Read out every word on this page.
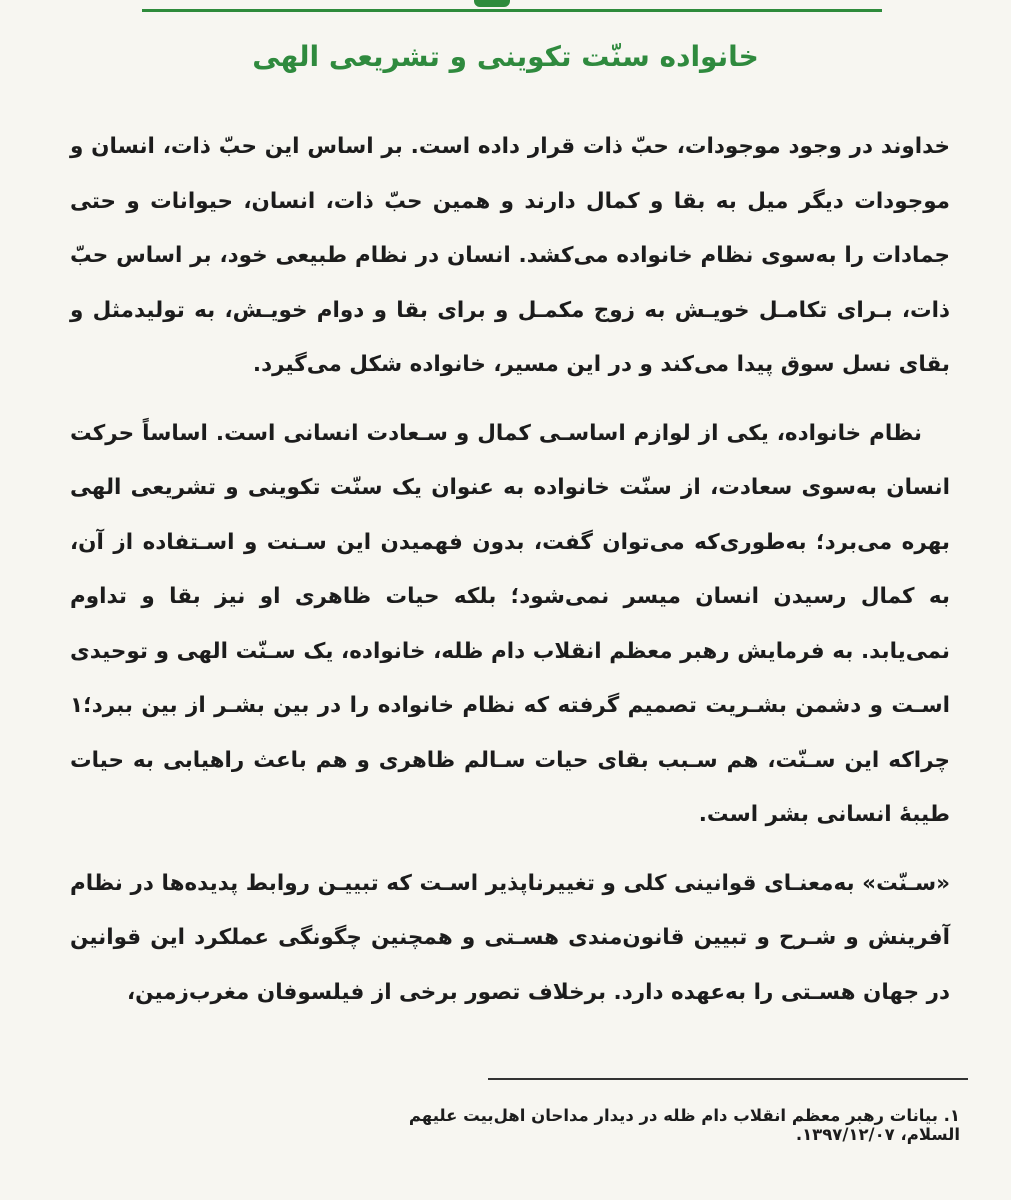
خانواده سنّت تکوینی و تشریعی الهی

خداوند در وجود موجودات، حبّ ذات قرار داده است. بر اساس این حبّ ذات، انسان و موجودات دیگر میل به بقا و کمال دارند و همین حبّ ذات، انسان، حیوانات و حتی جمادات را به‌سوی نظام خانواده می‌کشد. انسان در نظام طبیعی خود، بر اساس حبّ ذات، بـرای تکامـل خویـش به زوج مکمـل و برای بقا و دوام خویـش، به تولیدمثل و بقای نسل سوق پیدا می‌کند و در این مسیر، خانواده شکل می‌گیرد.

نظام خانواده، یکی از لوازم اساسـی کمال و سـعادت انسانی است. اساساً حرکت انسان به‌سوی سعادت، از سنّت خانواده به عنوان یک سنّت تکوینی و تشریعی الهی بهره می‌برد؛ به‌طوری‌که می‌توان گفت، بدون فهمیدن این سـنت و اسـتفاده از آن، به کمال رسیدن انسان میسر نمی‌شود؛ بلکه حیات ظاهری او نیز بقا و تداوم نمی‌یابد. به فرمایش رهبر معظم انقلاب دام ظله، خانواده، یک سـنّت الهی و توحیدی اسـت و دشمن بشـریت تصمیم گرفته که نظام خانواده را در بین بشـر از بین ببرد؛۱ چراکه این سـنّت، هم سـبب بقای حیات سـالم ظاهری و هم باعث راهیابی به حیات طیبۀ انسانی بشر است.

«سـنّت» به‌معنـای قوانینی کلی و تغییرناپذیر اسـت که تبییـن روابط پدیده‌ها در نظام آفرینش و شـرح و تبیین قانون‌مندی هسـتی و همچنین چگونگی عملکرد این قوانین در جهان هسـتی را به‌عهده دارد. برخلاف تصور برخی از فیلسوفان مغرب‌زمین،

۱. بیانات رهبر معظم انقلاب دام ظله در دیدار مداحان اهل‌بیت علیهم السلام، ۱۳۹۷/۱۲/۰۷.
